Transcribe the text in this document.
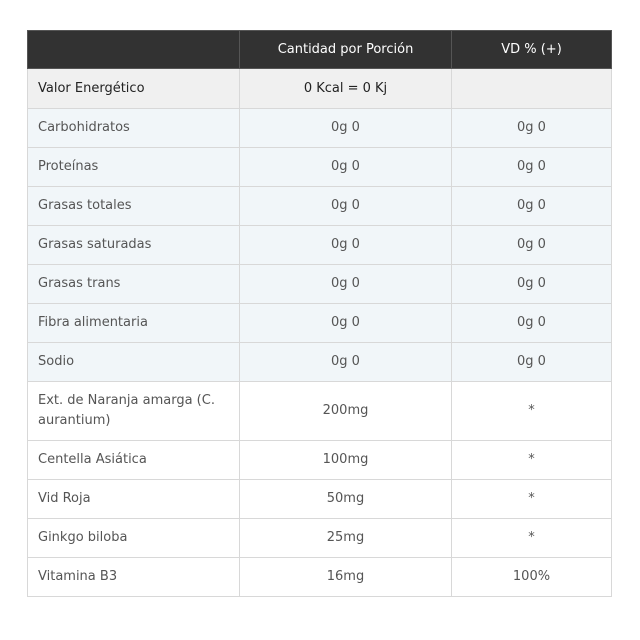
	Cantidad por Porción	VD % (+)
Valor Energético	0 Kcal = 0 Kj	
Carbohidratos	0g 0	0g 0
Proteínas	0g 0	0g 0
Grasas totales	0g 0	0g 0
Grasas saturadas	0g 0	0g 0
Grasas trans	0g 0	0g 0
Fibra alimentaria	0g 0	0g 0
Sodio	0g 0	0g 0
Ext. de Naranja amarga (C. aurantium)	200mg	*
Centella Asiática	100mg	*
Vid Roja	50mg	*
Ginkgo biloba	25mg	*
Vitamina B3	16mg	100%
